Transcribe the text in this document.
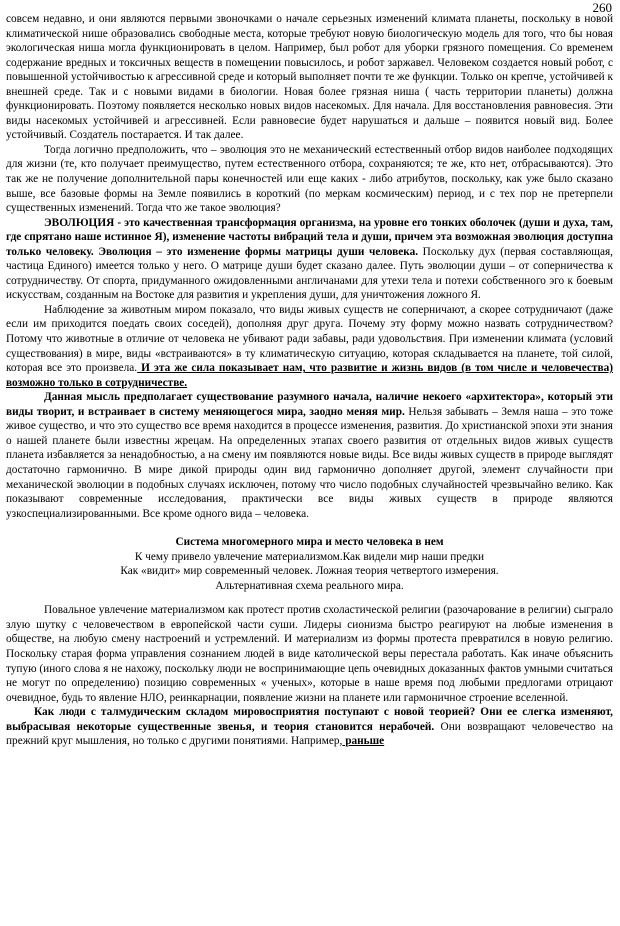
260

совсем недавно, и они являются первыми звоночками о начале серьезных изменений климата планеты, поскольку в новой климатической нише образовались свободные места, которые требуют новую биологическую модель для того, что бы новая экологическая ниша могла функционировать в целом. Например, был робот для уборки грязного помещения. Со временем содержание вредных и токсичных веществ в помещении повысилось, и робот заржавел. Человеком создается новый робот, с повышенной устойчивостью к агрессивной среде и который выполняет почти те же функции. Только он крепче, устойчивей к внешней среде. Так и с новыми видами в биологии. Новая более грязная ниша ( часть территории планеты) должна функционировать. Поэтому появляется несколько новых видов насекомых. Для начала. Для восстановления равновесия. Эти виды насекомых устойчивей и агрессивней. Если равновесие будет нарушаться и дальше – появится новый вид. Более устойчивый. Создатель постарается. И так далее.

Тогда логично предположить, что – эволюция это не механический естественный отбор видов наиболее подходящих для жизни (те, кто получает преимущество, путем естественного отбора, сохраняются; те же, кто нет, отбрасываются). Это так же не получение дополнительной пары конечностей или еще каких - либо атрибутов, поскольку, как уже было сказано выше, все базовые формы на Земле появились в короткий (по меркам космическим) период, и с тех пор не претерпели существенных изменений. Тогда что же такое эволюция?

ЭВОЛЮЦИЯ - это качественная трансформация организма, на уровне его тонких оболочек (души и духа, там, где спрятано наше истинное Я), изменение частоты вибраций тела и души, причем эта возможная эволюция доступна только человеку. Эволюция – это изменение формы матрицы души человека. Поскольку дух (первая составляющая, частица Единого) имеется только у него. О матрице души будет сказано далее. Путь эволюции души – от соперничества к сотрудничеству. От спорта, придуманного ожидовленными англичанами для утехи тела и потехи собственного эго к боевым искусствам, созданным на Востоке для развития и укрепления души, для уничтожения ложного Я.

Наблюдение за животным миром показало, что виды живых существ не соперничают, а скорее сотрудничают (даже если им приходится поедать своих соседей), дополняя друг друга. Почему эту форму можно назвать сотрудничеством? Потому что животные в отличие от человека не убивают ради забавы, ради удовольствия. При изменении климата (условий существования) в мире, виды «встраиваются» в ту климатическую ситуацию, которая складывается на планете, той силой, которая все это произвела. И эта же сила показывает нам, что развитие и жизнь видов (в том числе и человечества) возможно только в сотрудничестве.

Данная мысль предполагает существование разумного начала, наличие некоего «архитектора», который эти виды творит, и встраивает в систему меняющегося мира, заодно меняя мир. Нельзя забывать – Земля наша – это тоже живое существо, и что это существо все время находится в процессе изменения, развития. До христианской эпохи эти знания о нашей планете были известны жрецам. На определенных этапах своего развития от отдельных видов живых существ планета избавляется за ненадобностью, а на смену им появляются новые виды. Все виды живых существ в природе выглядят достаточно гармонично. В мире дикой природы один вид гармонично дополняет другой, элемент случайности при механической эволюции в подобных случаях исключен, потому что число подобных случайностей чрезвычайно велико. Как показывают современные исследования, практически все виды живых существ в природе являются узкоспециализированными. Все кроме одного вида – человека.

Система многомерного мира и место человека в нем

К чему привело увлечение материализмом.Как видели мир наши предки

Как «видит» мир современный человек. Ложная теория четвертого измерения.

Альтернативная схема реального мира.

Повальное увлечение материализмом как протест против схоластической религии (разочарование в религии) сыграло злую шутку с человечеством в европейской части суши. Лидеры сионизма быстро реагируют на любые изменения в обществе, на любую смену настроений и устремлений. И материализм из формы протеста превратился в новую религию. Поскольку старая форма управления сознанием людей в виде католической веры перестала работать. Как иначе объяснить тупую (иного слова я не нахожу, поскольку люди не воспринимающие цепь очевидных доказанных фактов умными считаться не могут по определению) позицию современных « ученых», которые в наше время под любыми предлогами отрицают очевидное, будь то явление НЛО, реинкарнации, появление жизни на планете или гармоничное строение вселенной.

Как люди с талмудическим складом мировосприятия поступают с новой теорией? Они ее слегка изменяют, выбрасывая некоторые существенные звенья, и теория становится нерабочей. Они возвращают человечество на прежний круг мышления, но только с другими понятиями. Например, раньше
